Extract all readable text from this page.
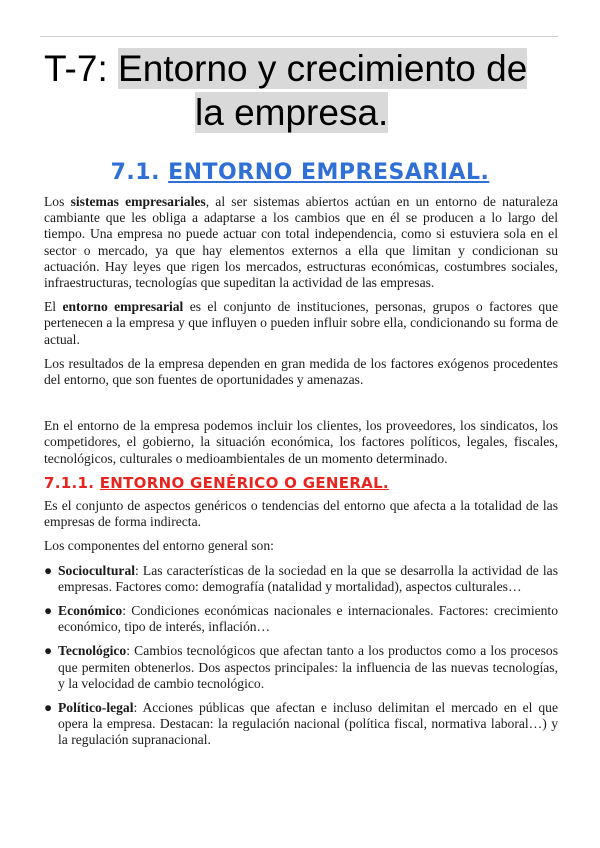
T-7: Entorno y crecimiento de
la empresa.
7.1. ENTORNO EMPRESARIAL.

Los sistemas empresariales, al ser sistemas abiertos actúan en un entorno de naturaleza cambiante que les obliga a adaptarse a los cambios que en él se producen a lo largo del tiempo. Una empresa no puede actuar con total independencia, como si estuviera sola en el sector o mercado, ya que hay elementos externos a ella que limitan y condicionan su actuación. Hay leyes que rigen los mercados, estructuras económicas, costumbres sociales, infraestructuras, tecnologías que supeditan la actividad de las empresas.

El entorno empresarial es el conjunto de instituciones, personas, grupos o factores que pertenecen a la empresa y que influyen o pueden influir sobre ella, condicionando su forma de actual.

Los resultados de la empresa dependen en gran medida de los factores exógenos procedentes del entorno, que son fuentes de oportunidades y amenazas.

En el entorno de la empresa podemos incluir los clientes, los proveedores, los sindicatos, los competidores, el gobierno, la situación económica, los factores políticos, legales, fiscales, tecnológicos, culturales o medioambientales de un momento determinado.

7.1.1. ENTORNO GENÉRICO O GENERAL.

Es el conjunto de aspectos genéricos o tendencias del entorno que afecta a la totalidad de las empresas de forma indirecta.

Los componentes del entorno general son:

● Sociocultural: Las características de la sociedad en la que se desarrolla la actividad de las empresas. Factores como: demografía (natalidad y mortalidad), aspectos culturales…
● Económico: Condiciones económicas nacionales e internacionales. Factores: crecimiento económico, tipo de interés, inflación…
● Tecnológico: Cambios tecnológicos que afectan tanto a los productos como a los procesos que permiten obtenerlos. Dos aspectos principales: la influencia de las nuevas tecnologías, y la velocidad de cambio tecnológico.
● Político-legal: Acciones públicas que afectan e incluso delimitan el mercado en el que opera la empresa. Destacan: la regulación nacional (política fiscal, normativa laboral…) y la regulación supranacional.
